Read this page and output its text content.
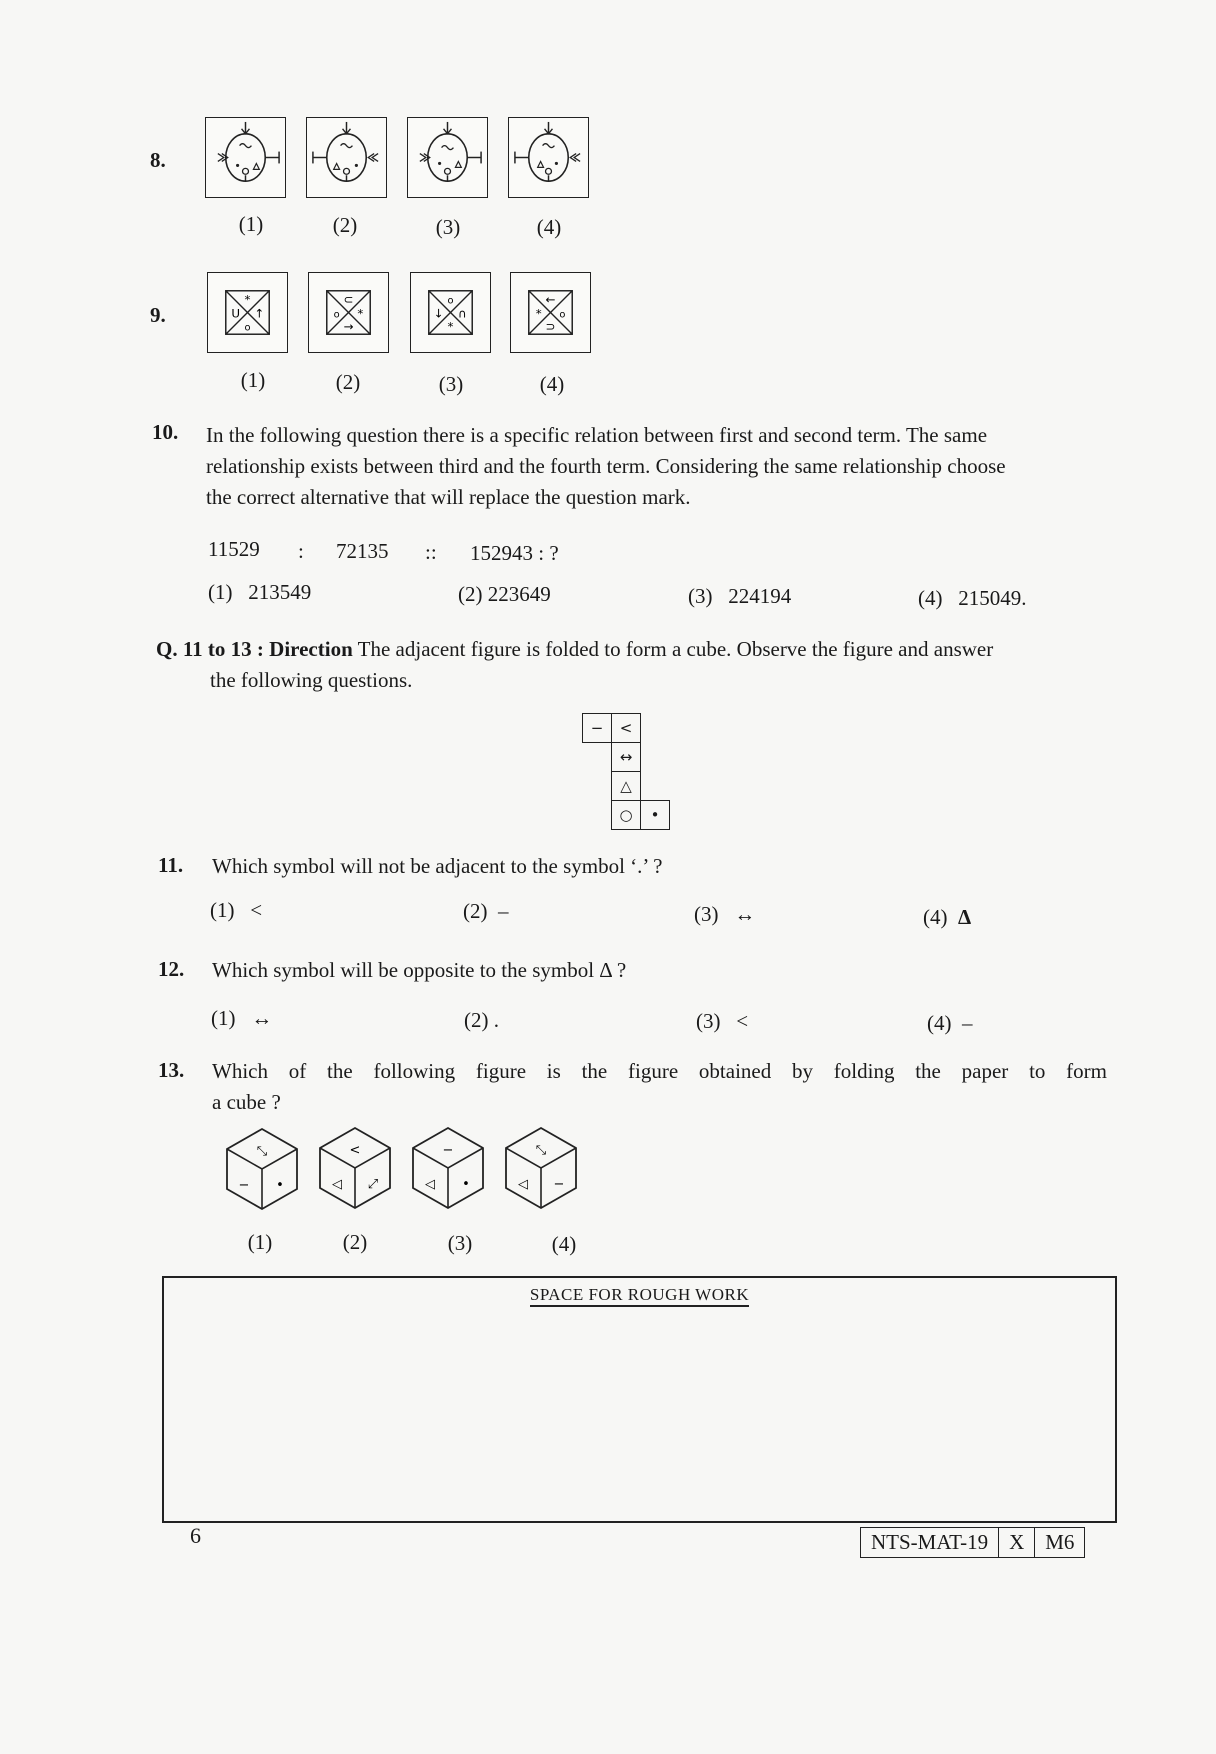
8.
(1)	(2)	(3)	(4)
9.
*
U ↑
o
⊂
o *
→
o
↓ ∩
*
←
* o
⊃
(1)	(2)	(3)	(4)
10. In the following question there is a specific relation between first and second term. The same
relationship exists between third and the fourth term. Considering the same relationship choose
the correct alternative that will replace the question mark.
11529 : 72135 :: 152943 : ?
(1) 213549	(2) 223649	(3) 224194	(4) 215049.
Q. 11 to 13 : Direction The adjacent figure is folded to form a cube. Observe the figure and answer
the following questions.
−	<	
	↔	
	△	
	○	•
11. Which symbol will not be adjacent to the symbol ‘.’ ?
(1) <	(2) –	(3) ↔	(4) Δ
12. Which symbol will be opposite to the symbol Δ ?
(1) ↔	(2) .	(3) <	(4) –
13. Which of the following figure is the figure obtained by folding the paper to form
a cube ?
⤡
− •
<
◁ ⤢
−
◁ •
⤡
◁ −
(1)	(2)	(3)	(4)
SPACE FOR ROUGH WORK
6	NTS-MAT-19	X	M6
